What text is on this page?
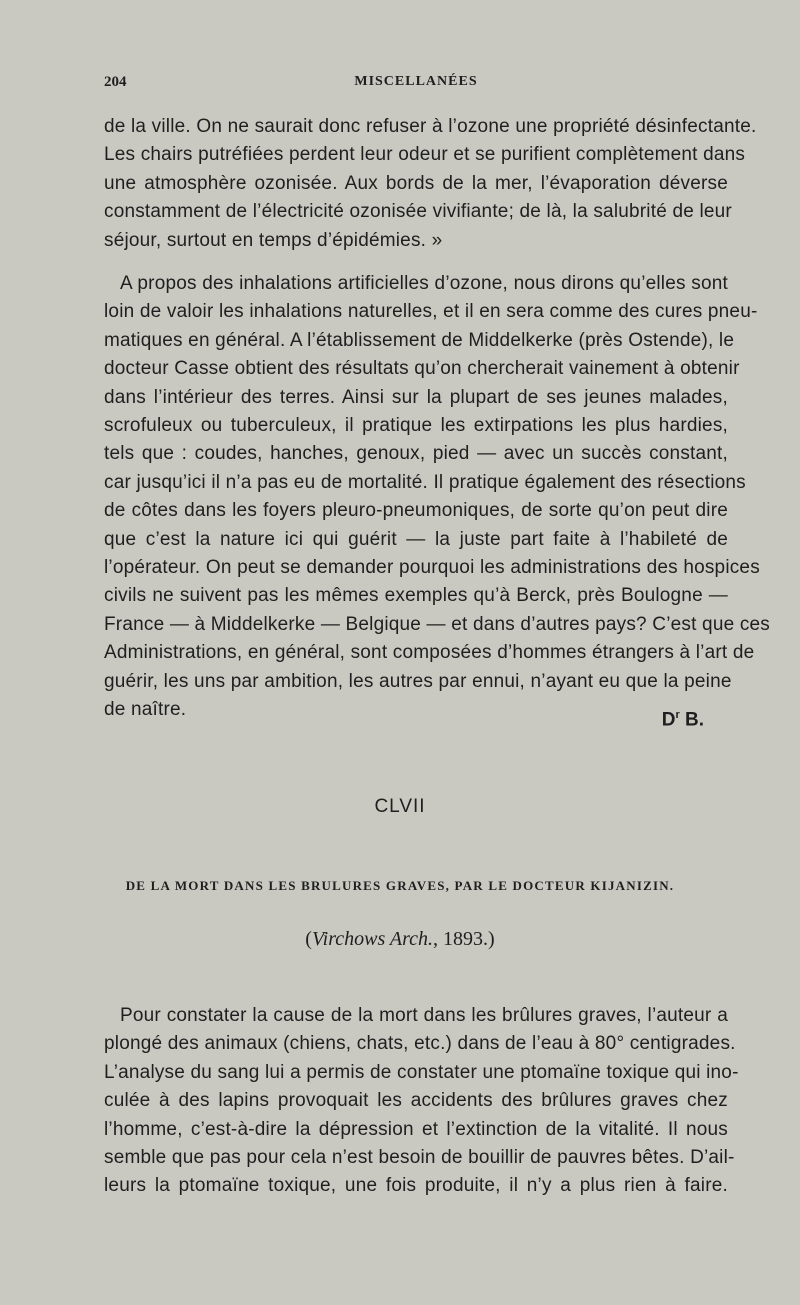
204	MISCELLANÉES
de la ville. On ne saurait donc refuser à l’ozone une propriété désinfectante.
Les chairs putréfiées perdent leur odeur et se purifient complètement dans
une atmosphère ozonisée. Aux bords de la mer, l’évaporation déverse
constamment de l’électricité ozonisée vivifiante; de là, la salubrité de leur
séjour, surtout en temps d’épidémies. »
A propos des inhalations artificielles d’ozone, nous dirons qu’elles sont
loin de valoir les inhalations naturelles, et il en sera comme des cures pneu-
matiques en général. A l’établissement de Middelkerke (près Ostende), le
docteur Casse obtient des résultats qu’on chercherait vainement à obtenir
dans l’intérieur des terres. Ainsi sur la plupart de ses jeunes malades,
scrofuleux ou tuberculeux, il pratique les extirpations les plus hardies,
tels que : coudes, hanches, genoux, pied — avec un succès constant,
car jusqu’ici il n’a pas eu de mortalité. Il pratique également des résections
de côtes dans les foyers pleuro-pneumoniques, de sorte qu’on peut dire
que c’est la nature ici qui guérit — la juste part faite à l’habileté de
l’opérateur. On peut se demander pourquoi les administrations des hospices
civils ne suivent pas les mêmes exemples qu’à Berck, près Boulogne —
France — à Middelkerke — Belgique — et dans d’autres pays? C’est que ces
Administrations, en général, sont composées d’hommes étrangers à l’art de
guérir, les uns par ambition, les autres par ennui, n’ayant eu que la peine
de naître.	$D^r$ B.
CLVII
DE LA MORT DANS LES BRULURES GRAVES, PAR LE DOCTEUR KIJANIZIN.
(Virchows Arch., 1893.)
Pour constater la cause de la mort dans les brûlures graves, l’auteur a
plongé des animaux (chiens, chats, etc.) dans de l’eau à 80° centigrades.
L’analyse du sang lui a permis de constater une ptomaïne toxique qui ino-
culée à des lapins provoquait les accidents des brûlures graves chez
l’homme, c’est-à-dire la dépression et l’extinction de la vitalité. Il nous
semble que pas pour cela n’est besoin de bouillir de pauvres bêtes. D’ail-
leurs la ptomaïne toxique, une fois produite, il n’y a plus rien à faire.
